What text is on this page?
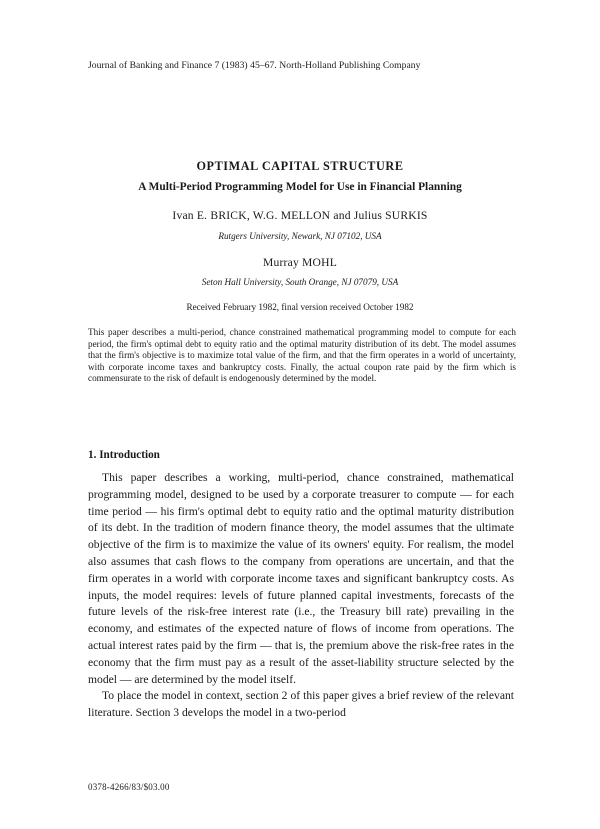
Journal of Banking and Finance 7 (1983) 45–67. North-Holland Publishing Company
OPTIMAL CAPITAL STRUCTURE
A Multi-Period Programming Model for Use in Financial Planning
Ivan E. BRICK, W.G. MELLON and Julius SURKIS
Rutgers University, Newark, NJ 07102, USA
Murray MOHL
Seton Hall University, South Orange, NJ 07079, USA
Received February 1982, final version received October 1982
This paper describes a multi-period, chance constrained mathematical programming model to compute for each period, the firm's optimal debt to equity ratio and the optimal maturity distribution of its debt. The model assumes that the firm's objective is to maximize total value of the firm, and that the firm operates in a world of uncertainty, with corporate income taxes and bankruptcy costs. Finally, the actual coupon rate paid by the firm which is commensurate to the risk of default is endogenously determined by the model.
1. Introduction

This paper describes a working, multi-period, chance constrained, mathematical programming model, designed to be used by a corporate treasurer to compute — for each time period — his firm's optimal debt to equity ratio and the optimal maturity distribution of its debt. In the tradition of modern finance theory, the model assumes that the ultimate objective of the firm is to maximize the value of its owners' equity. For realism, the model also assumes that cash flows to the company from operations are uncertain, and that the firm operates in a world with corporate income taxes and significant bankruptcy costs. As inputs, the model requires: levels of future planned capital investments, forecasts of the future levels of the risk-free interest rate (i.e., the Treasury bill rate) prevailing in the economy, and estimates of the expected nature of flows of income from operations. The actual interest rates paid by the firm — that is, the premium above the risk-free rates in the economy that the firm must pay as a result of the asset-liability structure selected by the model — are determined by the model itself.

To place the model in context, section 2 of this paper gives a brief review of the relevant literature. Section 3 develops the model in a two-period

0378-4266/83/$03.00
